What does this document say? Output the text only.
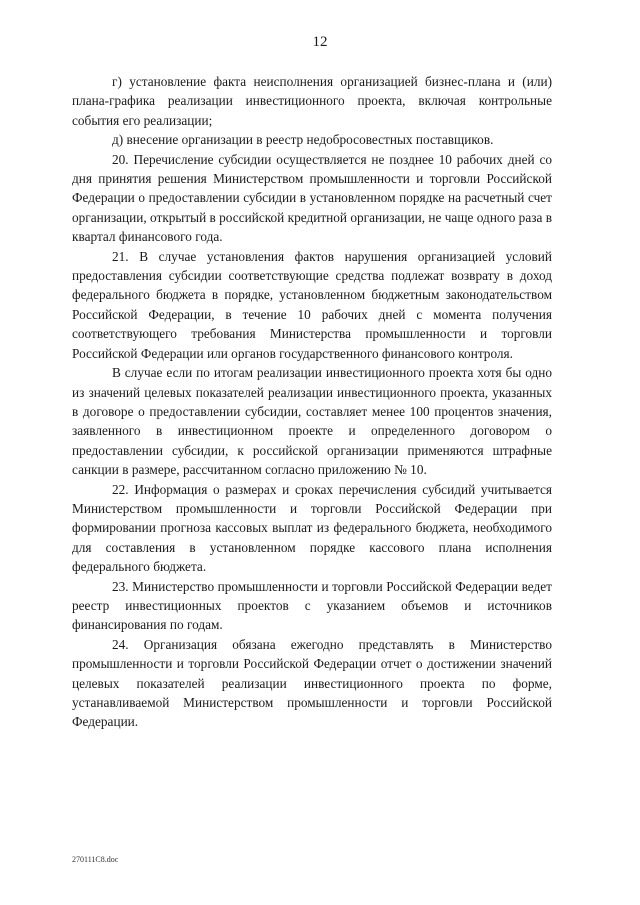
12

г) установление факта неисполнения организацией бизнес-плана и (или) плана-графика реализации инвестиционного проекта, включая контрольные события его реализации;

д) внесение организации в реестр недобросовестных поставщиков.

20. Перечисление субсидии осуществляется не позднее 10 рабочих дней со дня принятия решения Министерством промышленности и торговли Российской Федерации о предоставлении субсидии в установленном порядке на расчетный счет организации, открытый в российской кредитной организации, не чаще одного раза в квартал финансового года.

21. В случае установления фактов нарушения организацией условий предоставления субсидии соответствующие средства подлежат возврату в доход федерального бюджета в порядке, установленном бюджетным законодательством Российской Федерации, в течение 10 рабочих дней с момента получения соответствующего требования Министерства промышленности и торговли Российской Федерации или органов государственного финансового контроля.

В случае если по итогам реализации инвестиционного проекта хотя бы одно из значений целевых показателей реализации инвестиционного проекта, указанных в договоре о предоставлении субсидии, составляет менее 100 процентов значения, заявленного в инвестиционном проекте и определенного договором о предоставлении субсидии, к российской организации применяются штрафные санкции в размере, рассчитанном согласно приложению № 10.

22. Информация о размерах и сроках перечисления субсидий учитывается Министерством промышленности и торговли Российской Федерации при формировании прогноза кассовых выплат из федерального бюджета, необходимого для составления в установленном порядке кассового плана исполнения федерального бюджета.

23. Министерство промышленности и торговли Российской Федерации ведет реестр инвестиционных проектов с указанием объемов и источников финансирования по годам.

24. Организация обязана ежегодно представлять в Министерство промышленности и торговли Российской Федерации отчет о достижении значений целевых показателей реализации инвестиционного проекта по форме, устанавливаемой Министерством промышленности и торговли Российской Федерации.

270111C8.doc
